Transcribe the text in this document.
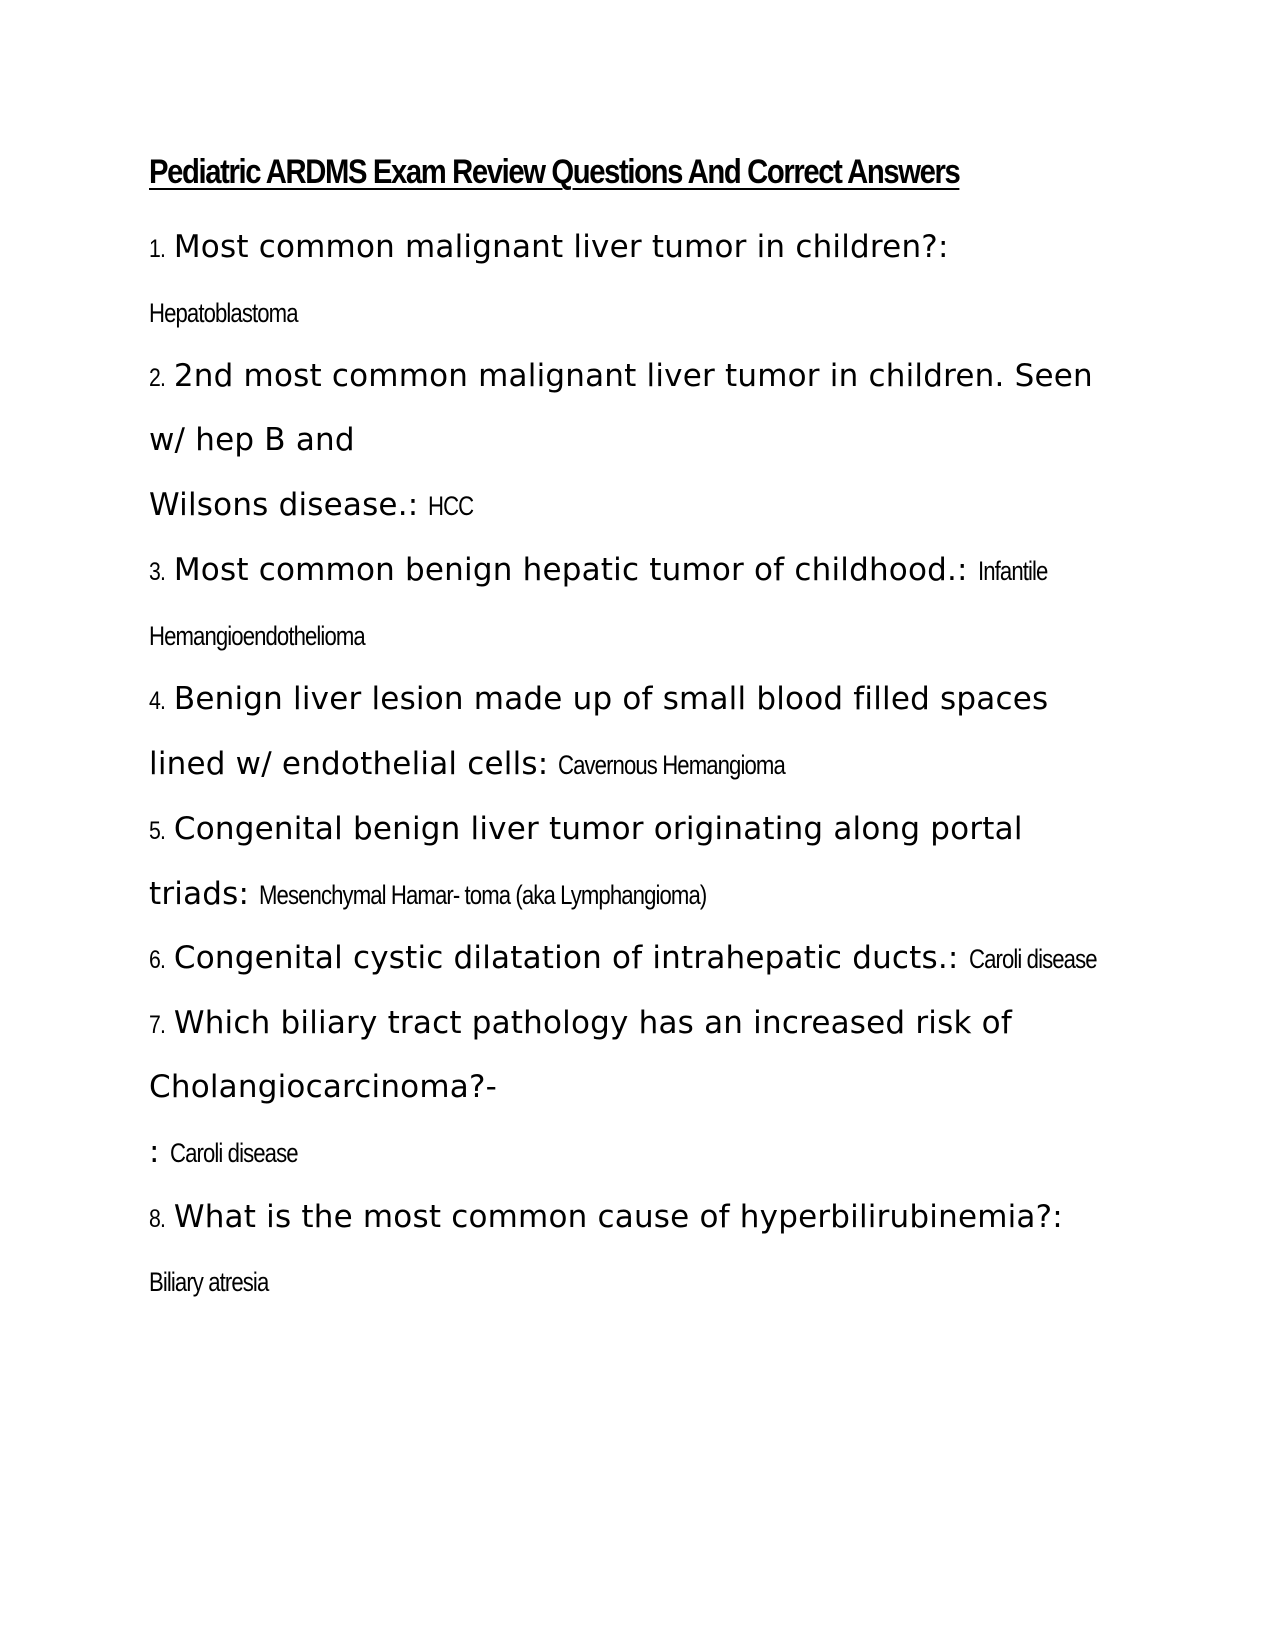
Pediatric ARDMS Exam Review Questions And Correct Answers
1. Most common malignant liver tumor in children?:
Hepatoblastoma
2. 2nd most common malignant liver tumor in children. Seen
w/ hep B and
Wilsons disease.: HCC
3. Most common benign hepatic tumor of childhood.: Infantile
Hemangioendothelioma
4. Benign liver lesion made up of small blood filled spaces
lined w/ endothelial cells: Cavernous Hemangioma
5. Congenital benign liver tumor originating along portal
triads: Mesenchymal Hamar- toma (aka Lymphangioma)
6. Congenital cystic dilatation of intrahepatic ducts.: Caroli disease
7. Which biliary tract pathology has an increased risk of
Cholangiocarcinoma?-
: Caroli disease
8. What is the most common cause of hyperbilirubinemia?:
Biliary atresia
